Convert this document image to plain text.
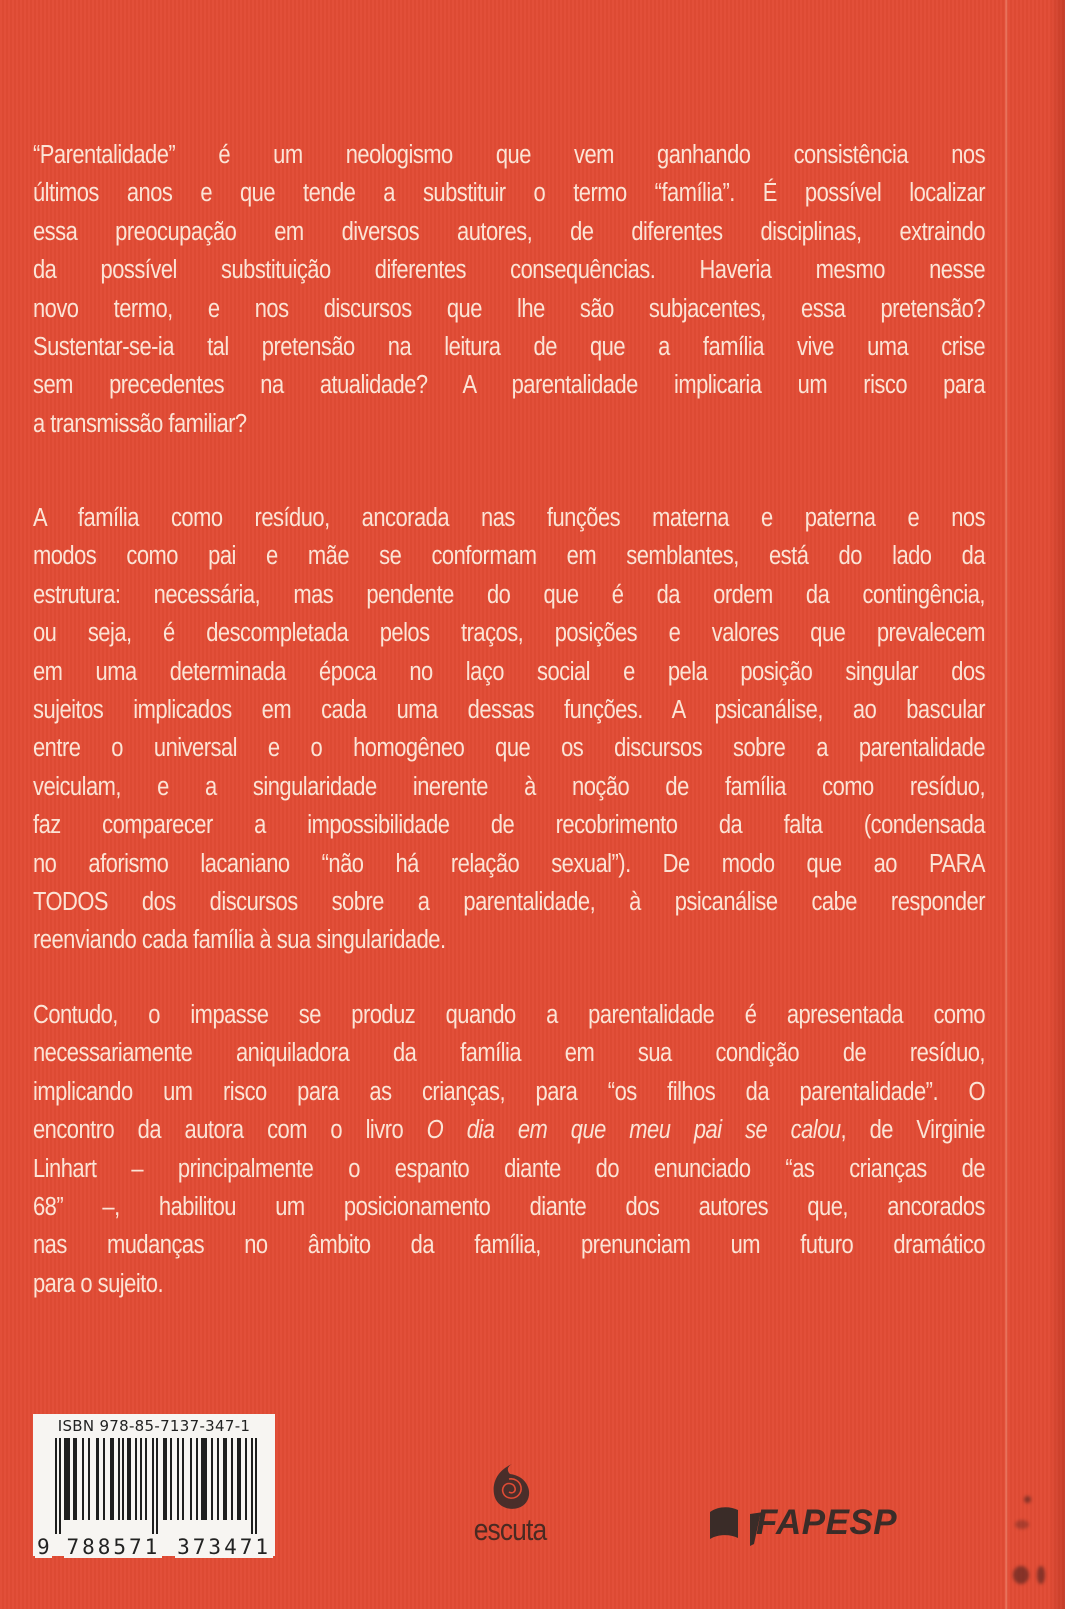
“Parentalidade” é um neologismo que vem ganhando consistência nos
últimos anos e que tende a substituir o termo “família”. É possível localizar
essa preocupação em diversos autores, de diferentes disciplinas, extraindo
da possível substituição diferentes consequências. Haveria mesmo nesse
novo termo, e nos discursos que lhe são subjacentes, essa pretensão?
Sustentar-se-ia tal pretensão na leitura de que a família vive uma crise
sem precedentes na atualidade? A parentalidade implicaria um risco para
a transmissão familiar?
A família como resíduo, ancorada nas funções materna e paterna e nos
modos como pai e mãe se conformam em semblantes, está do lado da
estrutura: necessária, mas pendente do que é da ordem da contingência,
ou seja, é descompletada pelos traços, posições e valores que prevalecem
em uma determinada época no laço social e pela posição singular dos
sujeitos implicados em cada uma dessas funções. A psicanálise, ao bascular
entre o universal e o homogêneo que os discursos sobre a parentalidade
veiculam, e a singularidade inerente à noção de família como resíduo,
faz comparecer a impossibilidade de recobrimento da falta (condensada
no aforismo lacaniano “não há relação sexual”). De modo que ao PARA
TODOS dos discursos sobre a parentalidade, à psicanálise cabe responder
reenviando cada família à sua singularidade.
Contudo, o impasse se produz quando a parentalidade é apresentada como
necessariamente aniquiladora da família em sua condição de resíduo,
implicando um risco para as crianças, para “os filhos da parentalidade”. O
encontro da autora com o livro O dia em que meu pai se calou, de Virginie
Linhart – principalmente o espanto diante do enunciado “as crianças de
68” –, habilitou um posicionamento diante dos autores que, ancorados
nas mudanças no âmbito da família, prenunciam um futuro dramático
para o sujeito.
ISBN 978-85-7137-347-1
9 788571 373471	escuta	FAPESP
